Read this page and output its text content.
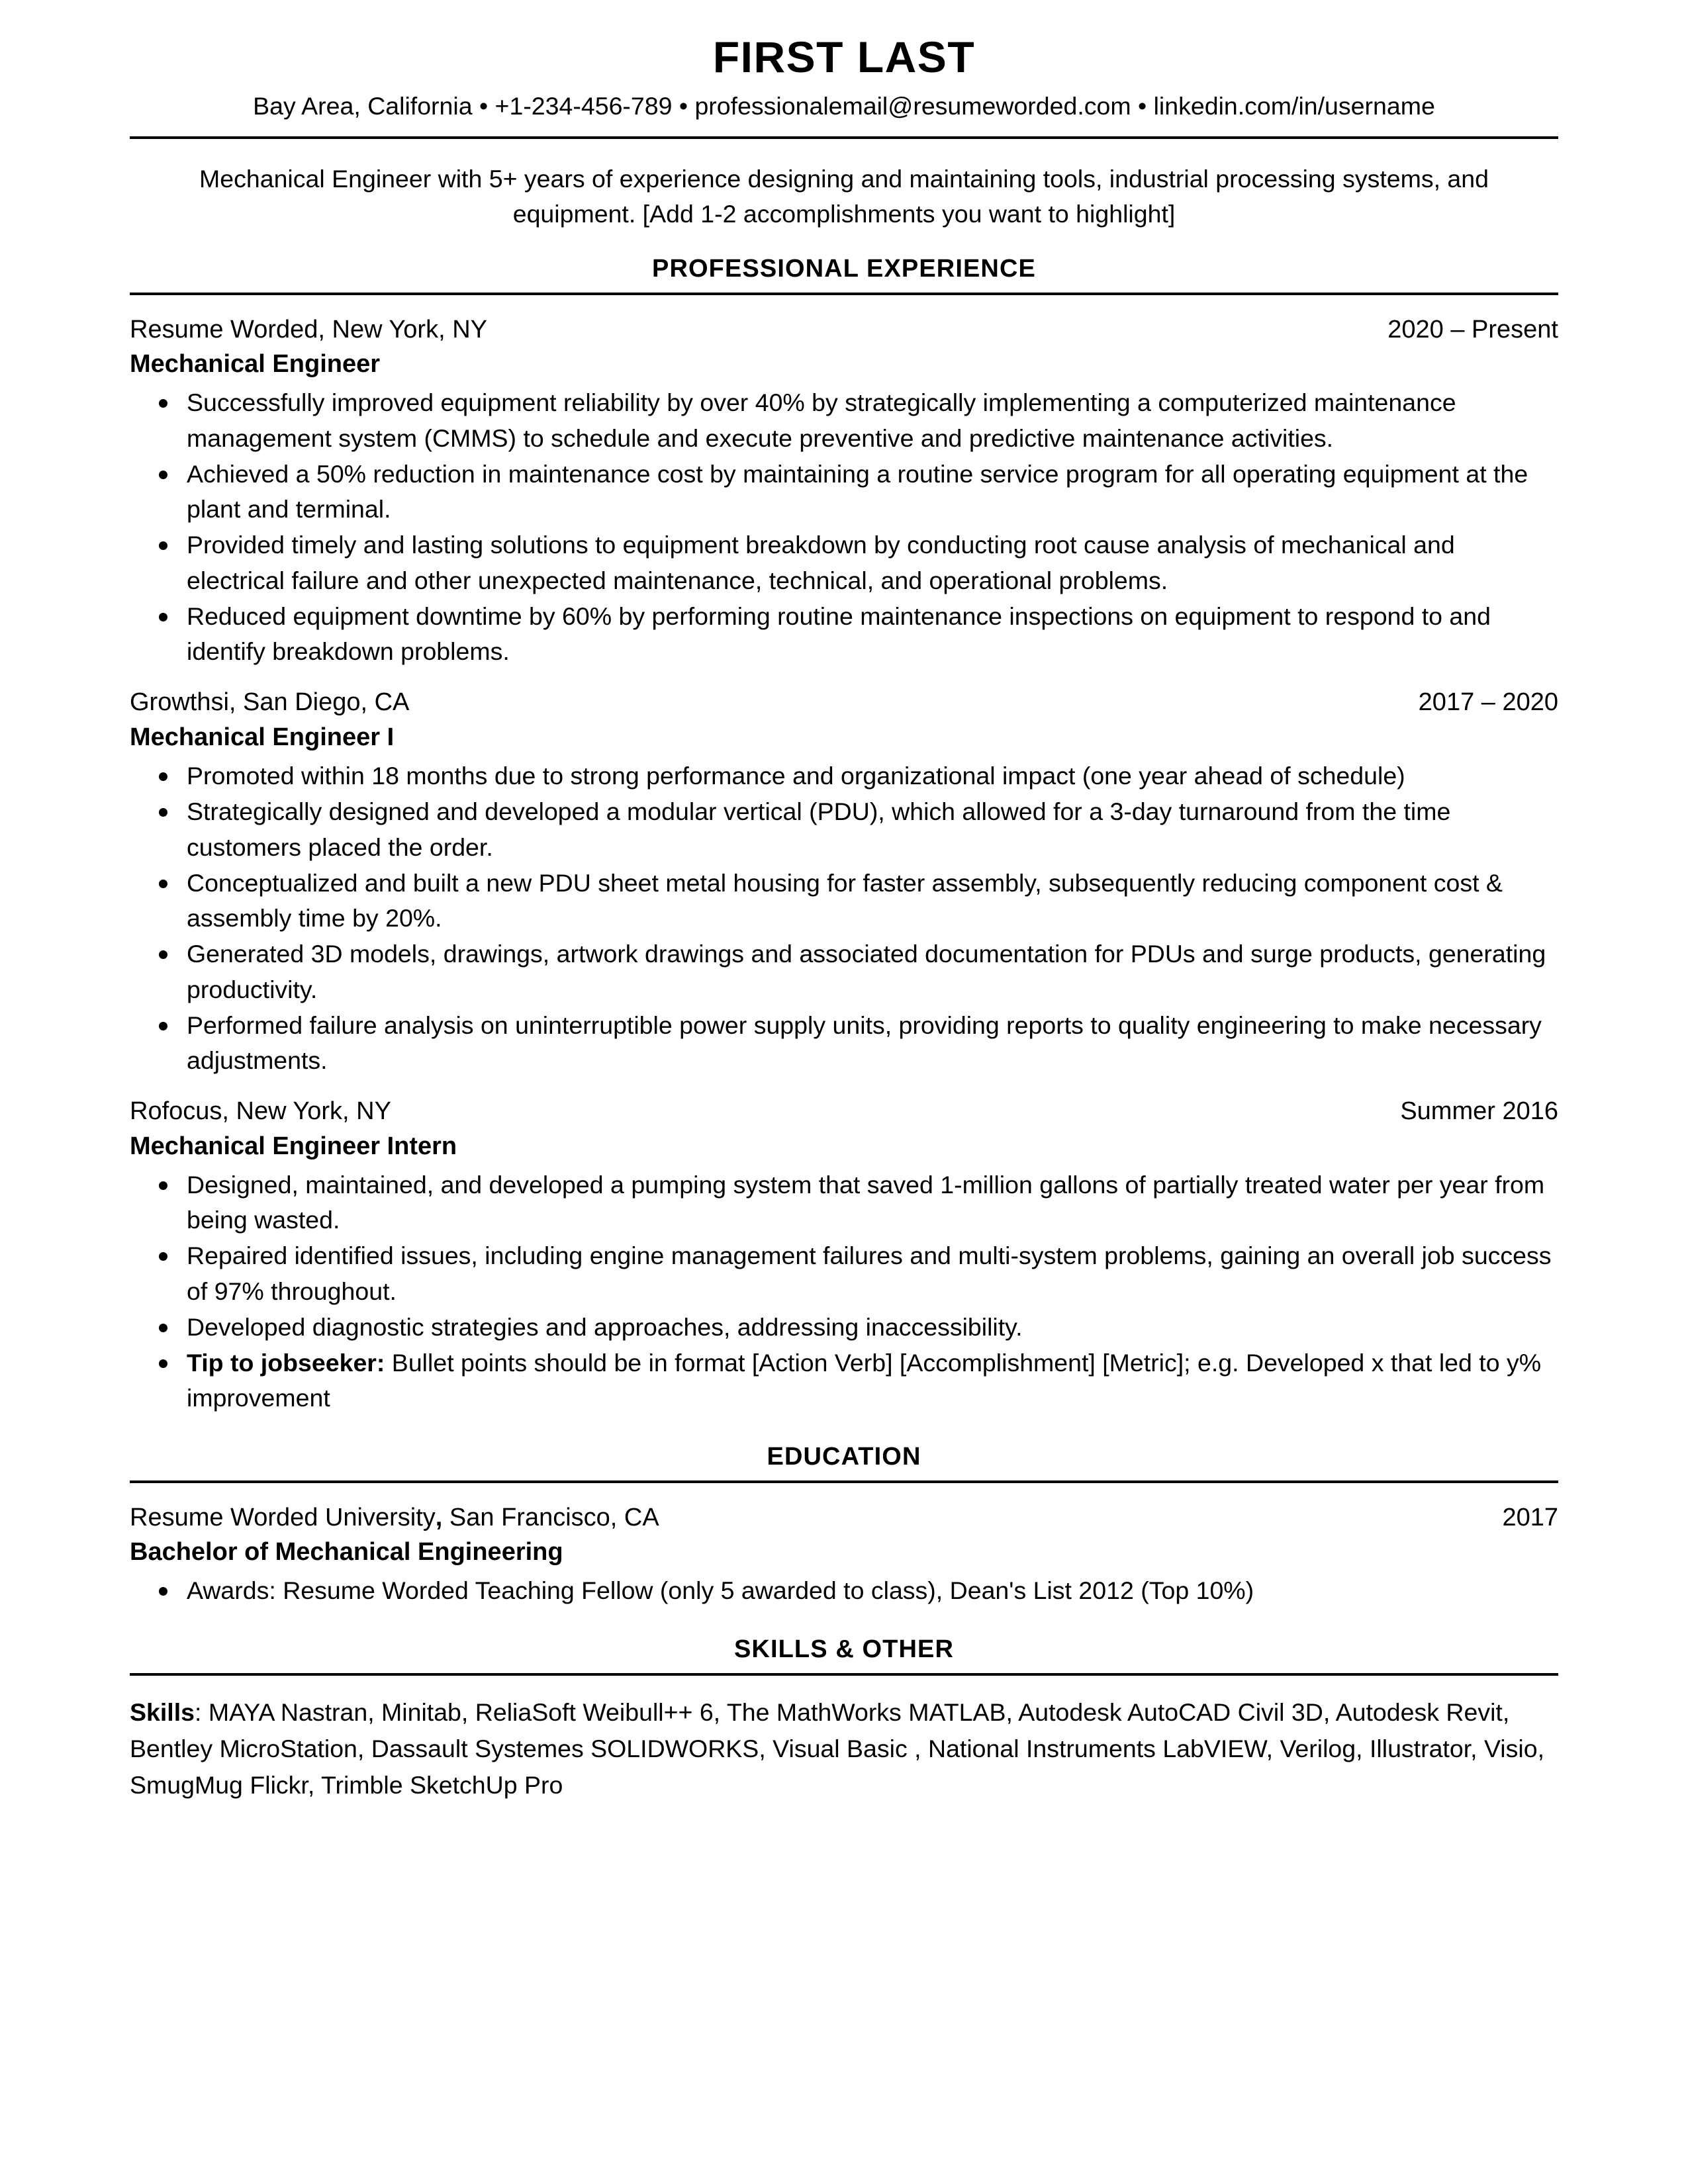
FIRST LAST
Bay Area, California • +1-234-456-789 • professionalemail@resumeworded.com • linkedin.com/in/username
Mechanical Engineer with 5+ years of experience designing and maintaining tools, industrial processing systems, and equipment. [Add 1-2 accomplishments you want to highlight]
PROFESSIONAL EXPERIENCE
Resume Worded, New York, NY	2020 – Present
Mechanical Engineer
Successfully improved equipment reliability by over 40% by strategically implementing a computerized maintenance management system (CMMS) to schedule and execute preventive and predictive maintenance activities.
Achieved a 50% reduction in maintenance cost by maintaining a routine service program for all operating equipment at the plant and terminal.
Provided timely and lasting solutions to equipment breakdown by conducting root cause analysis of mechanical and electrical failure and other unexpected maintenance, technical, and operational problems.
Reduced equipment downtime by 60% by performing routine maintenance inspections on equipment to respond to and identify breakdown problems.
Growthsi, San Diego, CA	2017 – 2020
Mechanical Engineer I
Promoted within 18 months due to strong performance and organizational impact (one year ahead of schedule)
Strategically designed and developed a modular vertical (PDU), which allowed for a 3-day turnaround from the time customers placed the order.
Conceptualized and built a new PDU sheet metal housing for faster assembly, subsequently reducing component cost & assembly time by 20%.
Generated 3D models, drawings, artwork drawings and associated documentation for PDUs and surge products, generating productivity.
Performed failure analysis on uninterruptible power supply units, providing reports to quality engineering to make necessary adjustments.
Rofocus, New York, NY	Summer 2016
Mechanical Engineer Intern
Designed, maintained, and developed a pumping system that saved 1-million gallons of partially treated water per year from being wasted.
Repaired identified issues, including engine management failures and multi-system problems, gaining an overall job success of 97% throughout.
Developed diagnostic strategies and approaches, addressing inaccessibility.
Tip to jobseeker: Bullet points should be in format [Action Verb] [Accomplishment] [Metric]; e.g. Developed x that led to y% improvement
EDUCATION
Resume Worded University, San Francisco, CA	2017
Bachelor of Mechanical Engineering
Awards: Resume Worded Teaching Fellow (only 5 awarded to class), Dean's List 2012 (Top 10%)
SKILLS & OTHER

Skills: MAYA Nastran, Minitab, ReliaSoft Weibull++ 6, The MathWorks MATLAB, Autodesk AutoCAD Civil 3D, Autodesk Revit, Bentley MicroStation, Dassault Systemes SOLIDWORKS, Visual Basic , National Instruments LabVIEW, Verilog, Illustrator, Visio, SmugMug Flickr, Trimble SketchUp Pro
